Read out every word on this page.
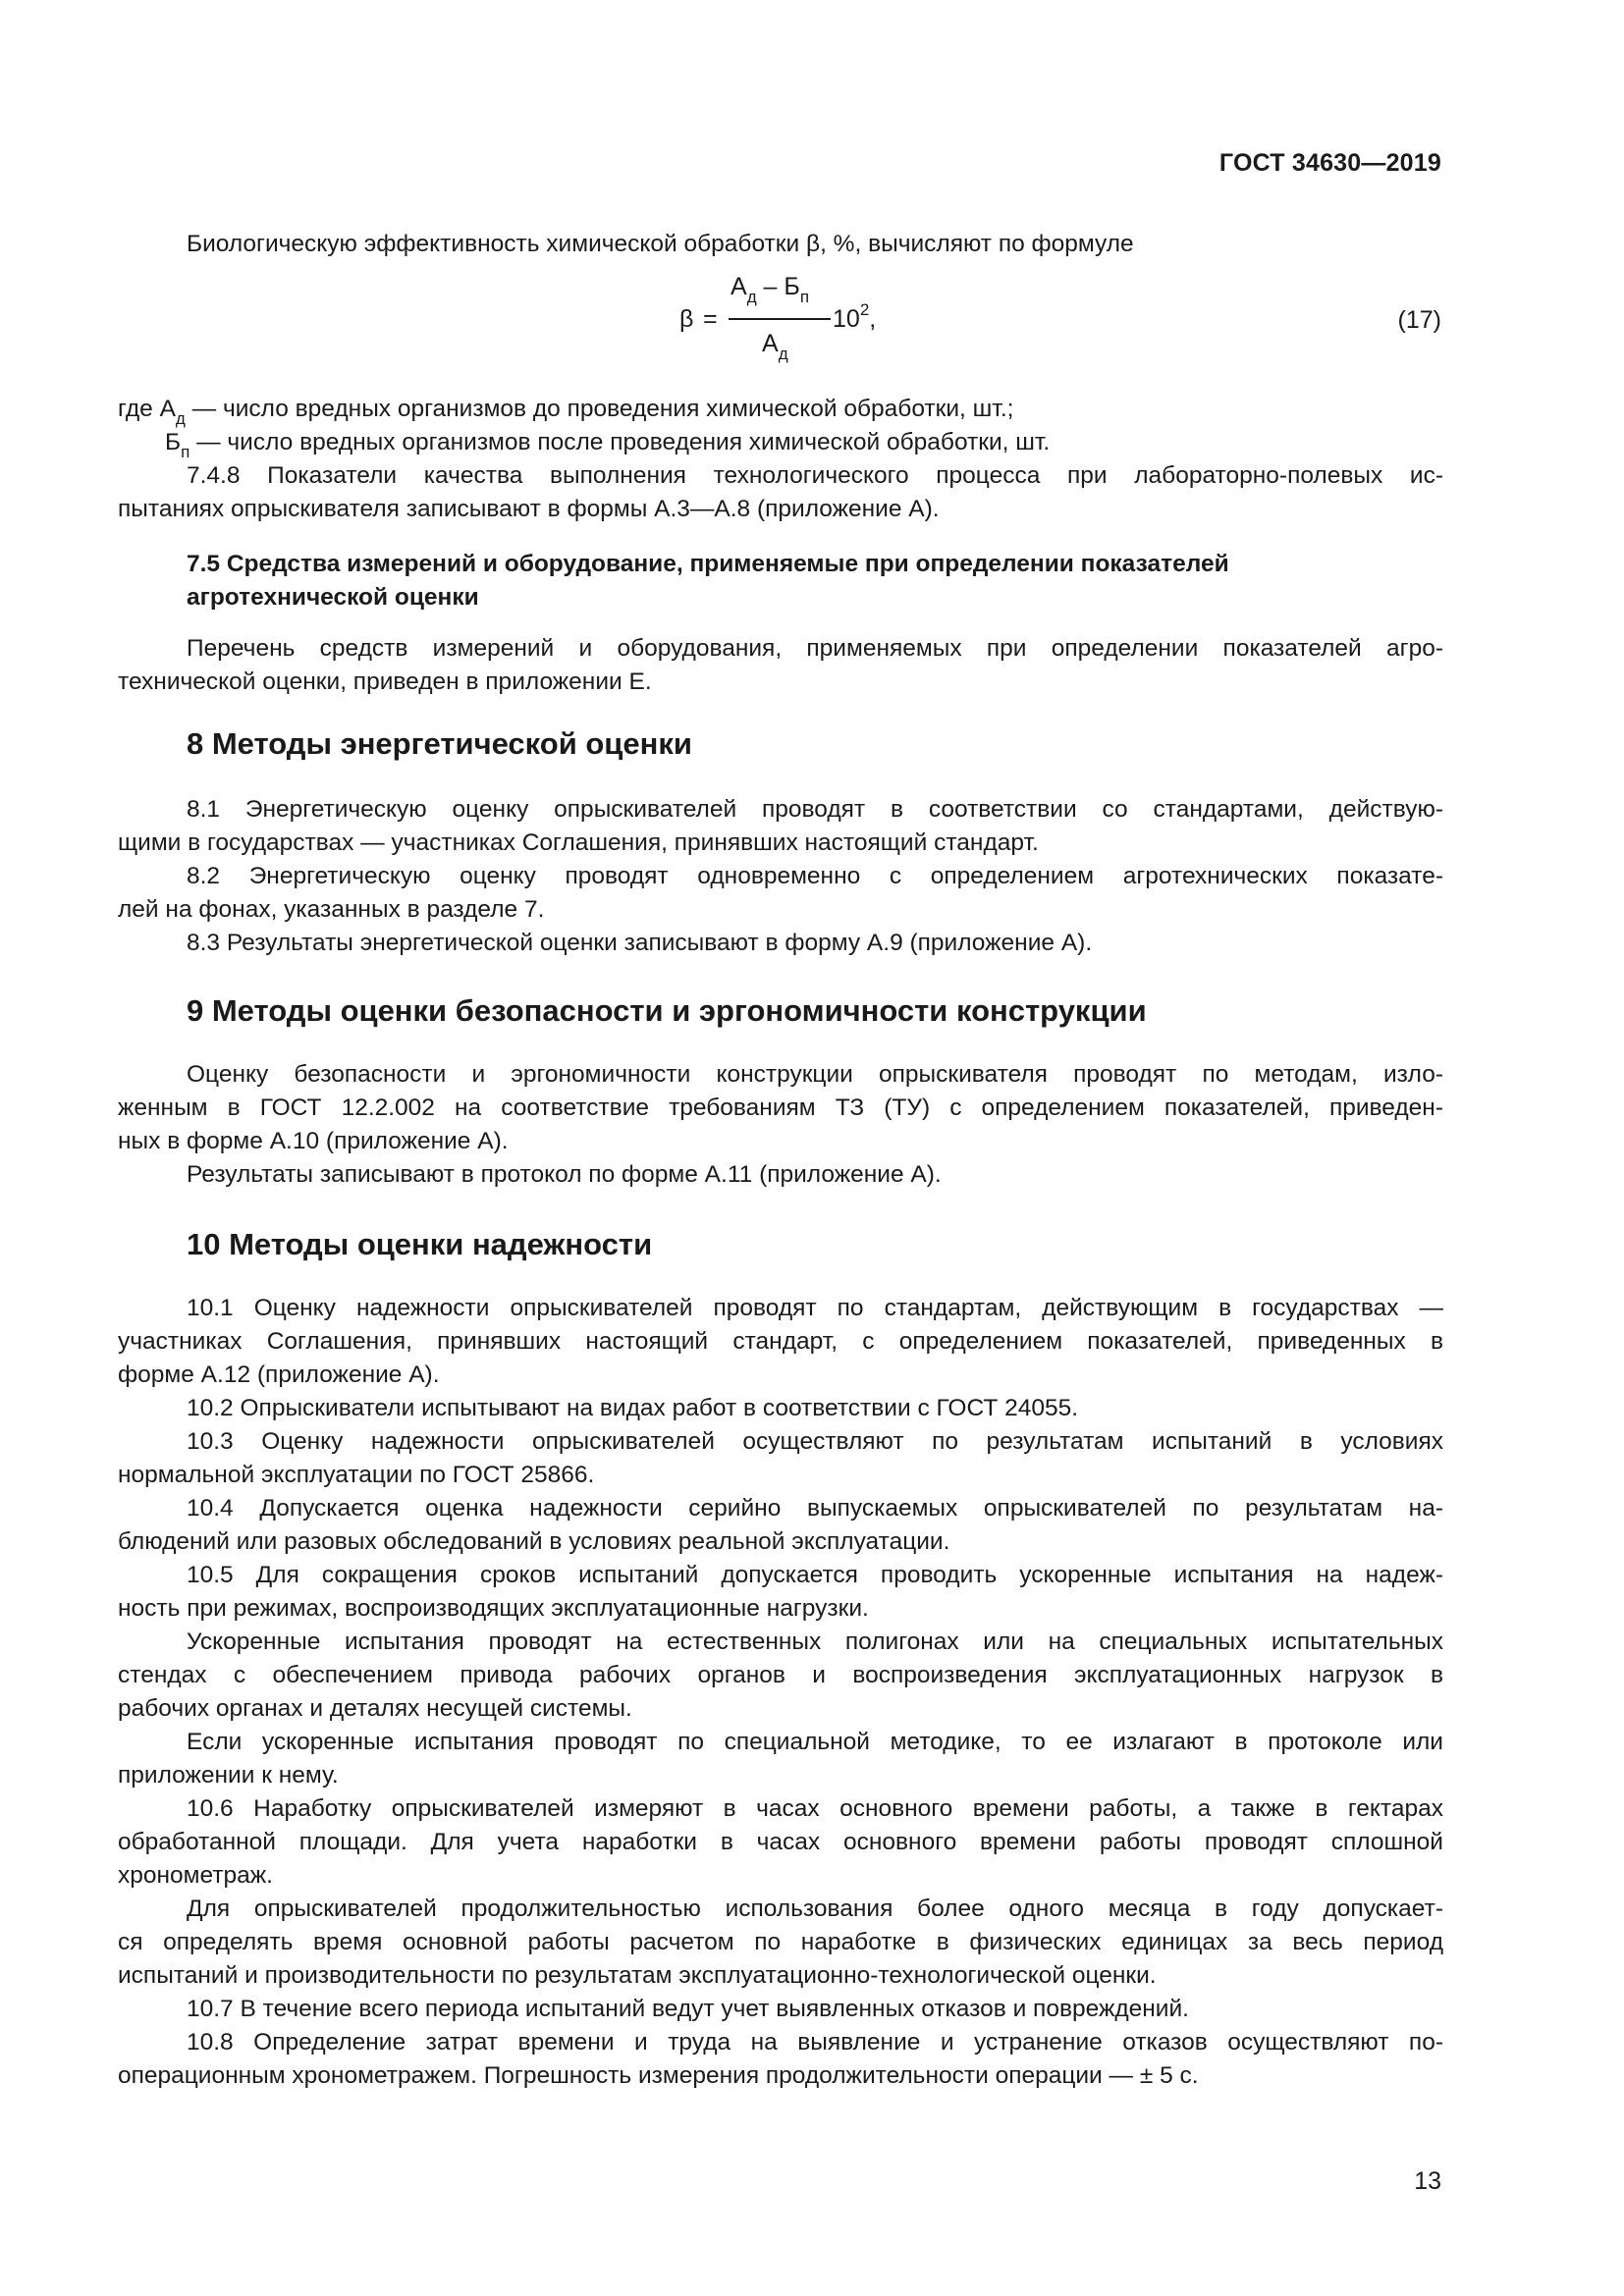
ГОСТ 34630—2019
Биологическую эффективность химической обработки β, %, вычисляют по формуле
β =
$А_д - Б_п$
$А_д$
$10^2$,	(17)
где $А_д$ — число вредных организмов до проведения химической обработки, шт.;
$Б_п$ — число вредных организмов после проведения химической обработки, шт.
7.4.8 Показатели качества выполнения технологического процесса при лабораторно-полевых ис-
пытаниях опрыскивателя записывают в формы А.3—А.8 (приложение А).
7.5 Средства измерений и оборудование, применяемые при определении показателей
агротехнической оценки
Перечень средств измерений и оборудования, применяемых при определении показателей агро-
технической оценки, приведен в приложении Е.
8 Методы энергетической оценки
8.1 Энергетическую оценку опрыскивателей проводят в соответствии со стандартами, действую-
щими в государствах — участниках Соглашения, принявших настоящий стандарт.
8.2 Энергетическую оценку проводят одновременно с определением агротехнических показате-
лей на фонах, указанных в разделе 7.
8.3 Результаты энергетической оценки записывают в форму А.9 (приложение А).
9 Методы оценки безопасности и эргономичности конструкции
Оценку безопасности и эргономичности конструкции опрыскивателя проводят по методам, изло-
женным в ГОСТ 12.2.002 на соответствие требованиям ТЗ (ТУ) с определением показателей, приведен-
ных в форме А.10 (приложение А).
Результаты записывают в протокол по форме А.11 (приложение А).
10 Методы оценки надежности
10.1 Оценку надежности опрыскивателей проводят по стандартам, действующим в государствах —
участниках Соглашения, принявших настоящий стандарт, с определением показателей, приведенных в
форме А.12 (приложение А).
10.2 Опрыскиватели испытывают на видах работ в соответствии с ГОСТ 24055.
10.3 Оценку надежности опрыскивателей осуществляют по результатам испытаний в условиях
нормальной эксплуатации по ГОСТ 25866.
10.4 Допускается оценка надежности серийно выпускаемых опрыскивателей по результатам на-
блюдений или разовых обследований в условиях реальной эксплуатации.
10.5 Для сокращения сроков испытаний допускается проводить ускоренные испытания на надеж-
ность при режимах, воспроизводящих эксплуатационные нагрузки.
Ускоренные испытания проводят на естественных полигонах или на специальных испытательных
стендах с обеспечением привода рабочих органов и воспроизведения эксплуатационных нагрузок в
рабочих органах и деталях несущей системы.
Если ускоренные испытания проводят по специальной методике, то ее излагают в протоколе или
приложении к нему.
10.6 Наработку опрыскивателей измеряют в часах основного времени работы, а также в гектарах
обработанной площади. Для учета наработки в часах основного времени работы проводят сплошной
хронометраж.
Для опрыскивателей продолжительностью использования более одного месяца в году допускает-
ся определять время основной работы расчетом по наработке в физических единицах за весь период
испытаний и производительности по результатам эксплуатационно-технологической оценки.
10.7 В течение всего периода испытаний ведут учет выявленных отказов и повреждений.
10.8 Определение затрат времени и труда на выявление и устранение отказов осуществляют по-
операционным хронометражем. Погрешность измерения продолжительности операции — ± 5 с.
13
